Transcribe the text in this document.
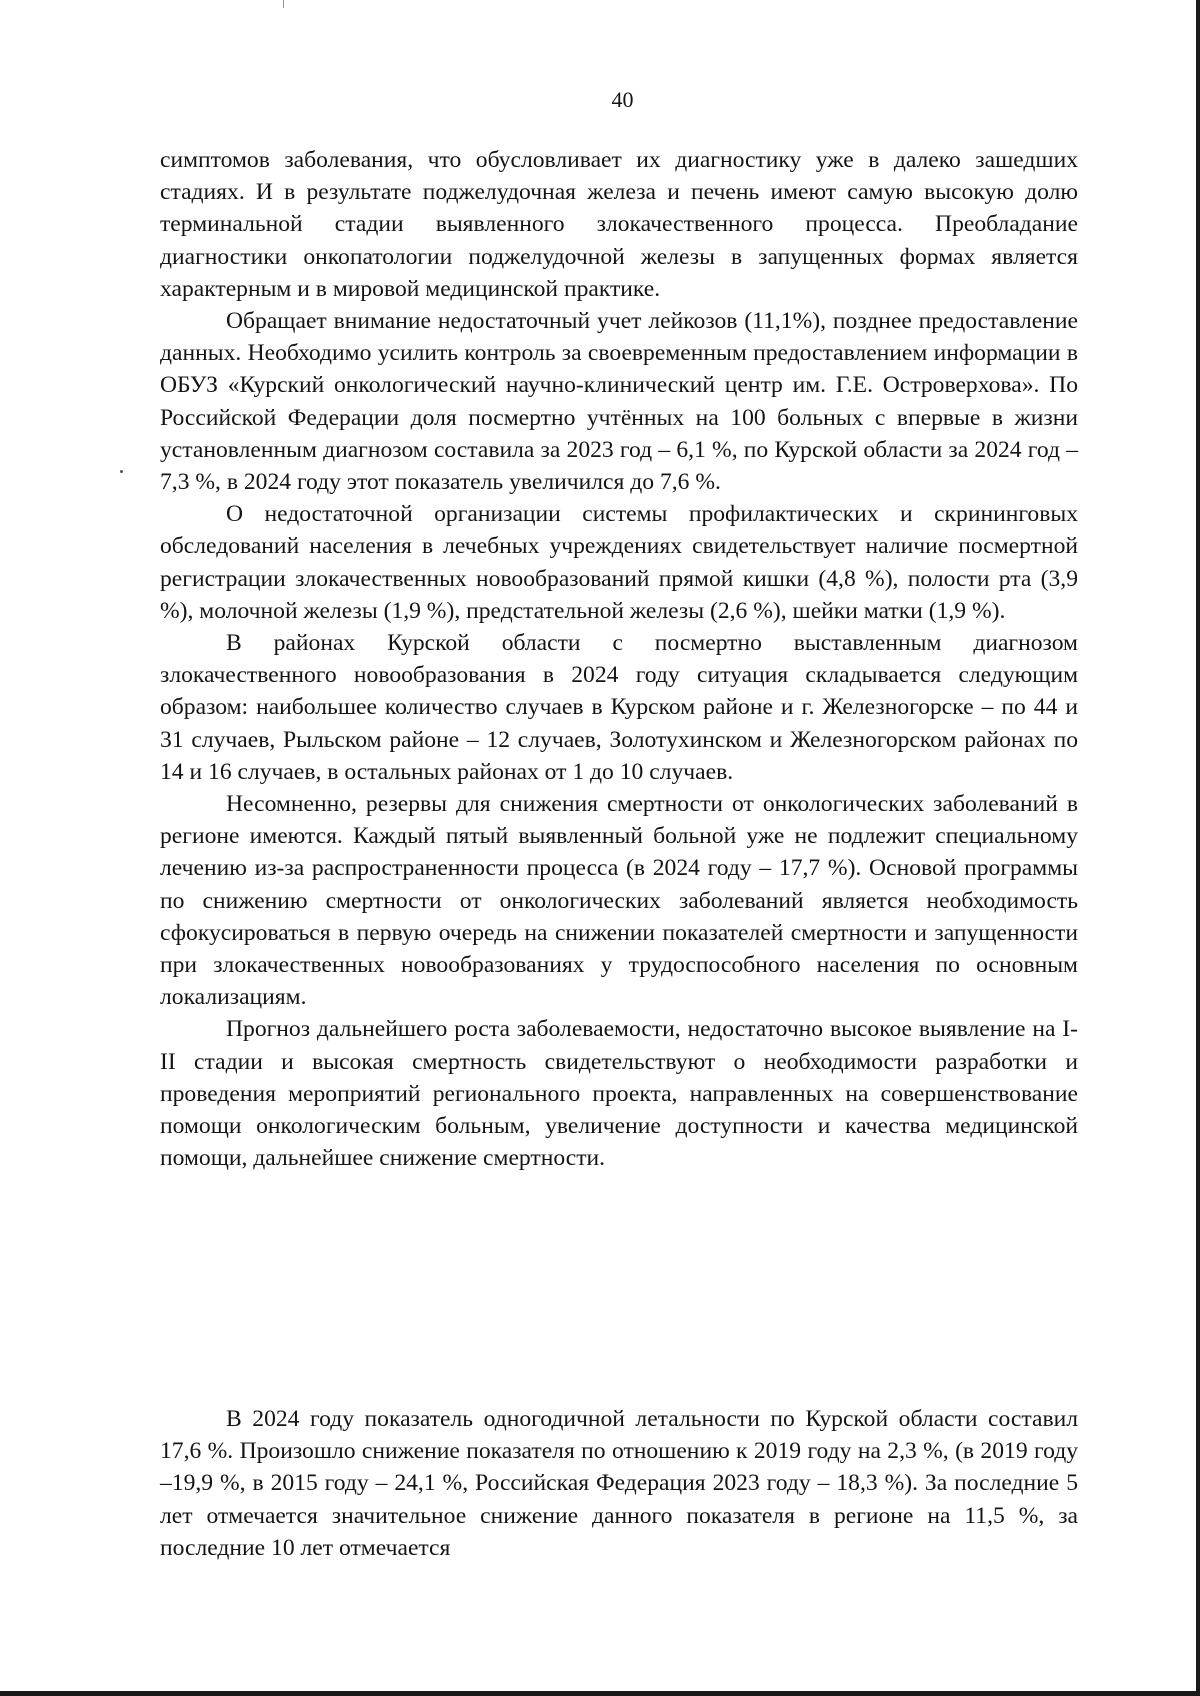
40

симптомов заболевания, что обусловливает их диагностику уже в далеко зашедших стадиях. И в результате поджелудочная железа и печень имеют самую высокую долю терминальной стадии выявленного злокачественного процесса. Преобладание диагностики онкопатологии поджелудочной железы в запущенных формах является характерным и в мировой медицинской практике.

Обращает внимание недостаточный учет лейкозов (11,1%), позднее предоставление данных. Необходимо усилить контроль за своевременным предоставлением информации в ОБУЗ «Курский онкологический научно-клинический центр им. Г.Е. Островерхова». По Российской Федерации доля посмертно учтённых на 100 больных с впервые в жизни установленным диагнозом составила за 2023 год – 6,1 %, по Курской области за 2024 год – 7,3 %, в 2024 году этот показатель увеличился до 7,6 %.

О недостаточной организации системы профилактических и скрининговых обследований населения в лечебных учреждениях свидетельствует наличие посмертной регистрации злокачественных новообразований прямой кишки (4,8 %), полости рта (3,9 %), молочной железы (1,9 %), предстательной железы (2,6 %), шейки матки (1,9 %).

В районах Курской области с посмертно выставленным диагнозом злокачественного новообразования в 2024 году ситуация складывается следующим образом: наибольшее количество случаев в Курском районе и г. Железногорске – по 44 и 31 случаев, Рыльском районе – 12 случаев, Золотухинском и Железногорском районах по 14 и 16 случаев, в остальных районах от 1 до 10 случаев.

Несомненно, резервы для снижения смертности от онкологических заболеваний в регионе имеются. Каждый пятый выявленный больной уже не подлежит специальному лечению из-за распространенности процесса (в 2024 году – 17,7 %). Основой программы по снижению смертности от онкологических заболеваний является необходимость сфокусироваться в первую очередь на снижении показателей смертности и запущенности при злокачественных новообразованиях у трудоспособного населения по основным локализациям.

Прогноз дальнейшего роста заболеваемости, недостаточно высокое выявление на I-II стадии и высокая смертность свидетельствуют о необходимости разработки и проведения мероприятий регионального проекта, направленных на совершенствование помощи онкологическим больным, увеличение доступности и качества медицинской помощи, дальнейшее снижение смертности.

В 2024 году показатель одногодичной летальности по Курской области составил 17,6 %. Произошло снижение показателя по отношению к 2019 году на 2,3 %, (в 2019 году –19,9 %, в 2015 году – 24,1 %, Российская Федерация 2023 году – 18,3 %). За последние 5 лет отмечается значительное снижение данного показателя в регионе на 11,5 %, за последние 10 лет отмечается
